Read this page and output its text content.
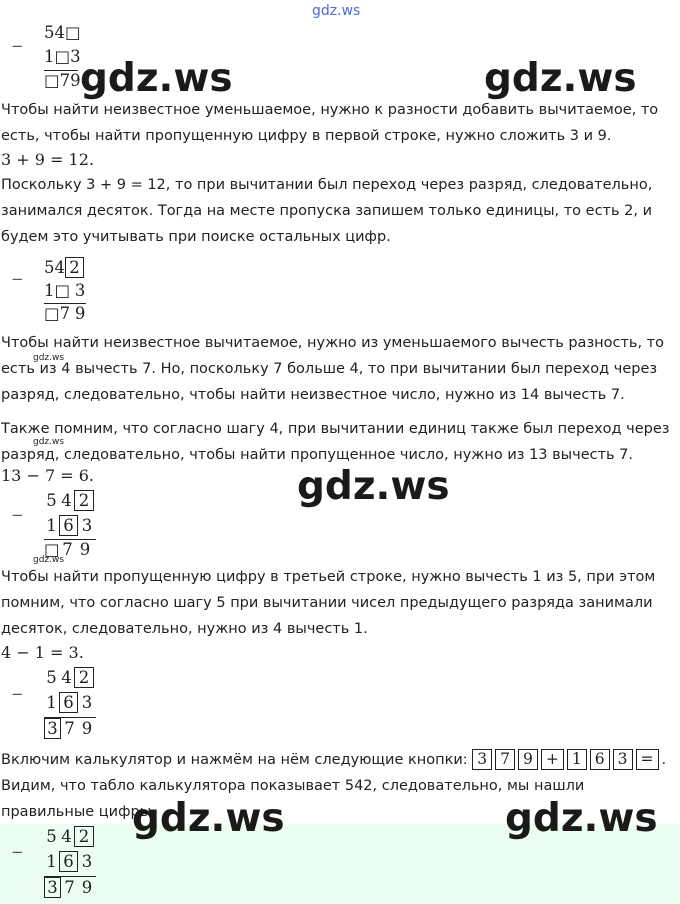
gdz.ws
−
54□
1□3
□79 gdz.ws	gdz.ws
Чтобы найти неизвестное уменьшаемое, нужно к разности добавить вычитаемое, то есть, чтобы найти пропущенную цифру в первой строке, нужно сложить 3 и 9.
3 + 9 = 12.
Поскольку 3 + 9 = 12, то при вычитании был переход через разряд, следовательно, занимался десяток. Тогда на месте пропуска запишем только единицы, то есть 2, и будем это учитывать при поиске остальных цифр.
−
54 2
1□ 3
□7 9
Чтобы найти неизвестное вычитаемое, нужно из уменьшаемого вычесть разность, то есть из 4 вычесть 7. Но, поскольку 7 больше 4, то при вычитании был переход через разряд, следовательно, чтобы найти неизвестное число, нужно из 14 вычесть 7.
gdz.ws
Также помним, что согласно шагу 4, при вычитании единиц также был переход через разряд, следовательно, чтобы найти пропущенное число, нужно из 13 вычесть 7.
gdz.ws
13 − 7 = 6.	gdz.ws
−
5 4 2
1 6 3
□ 7 9
gdz.ws
Чтобы найти пропущенную цифру в третьей строке, нужно вычесть 1 из 5, при этом помним, что согласно шагу 5 при вычитании чисел предыдущего разряда занимали десяток, следовательно, нужно из 4 вычесть 1.
4 − 1 = 3.
−
5 4 2
1 6 3
3 7 9
Включим калькулятор и нажмём на нём следующие кнопки: 3 7 9 + 1 6 3 = .
Видим, что табло калькулятора показывает 542, следовательно, мы нашли правильные цифры.
gdz.ws	gdz.ws
−
5 4 2
1 6 3
3 7 9
